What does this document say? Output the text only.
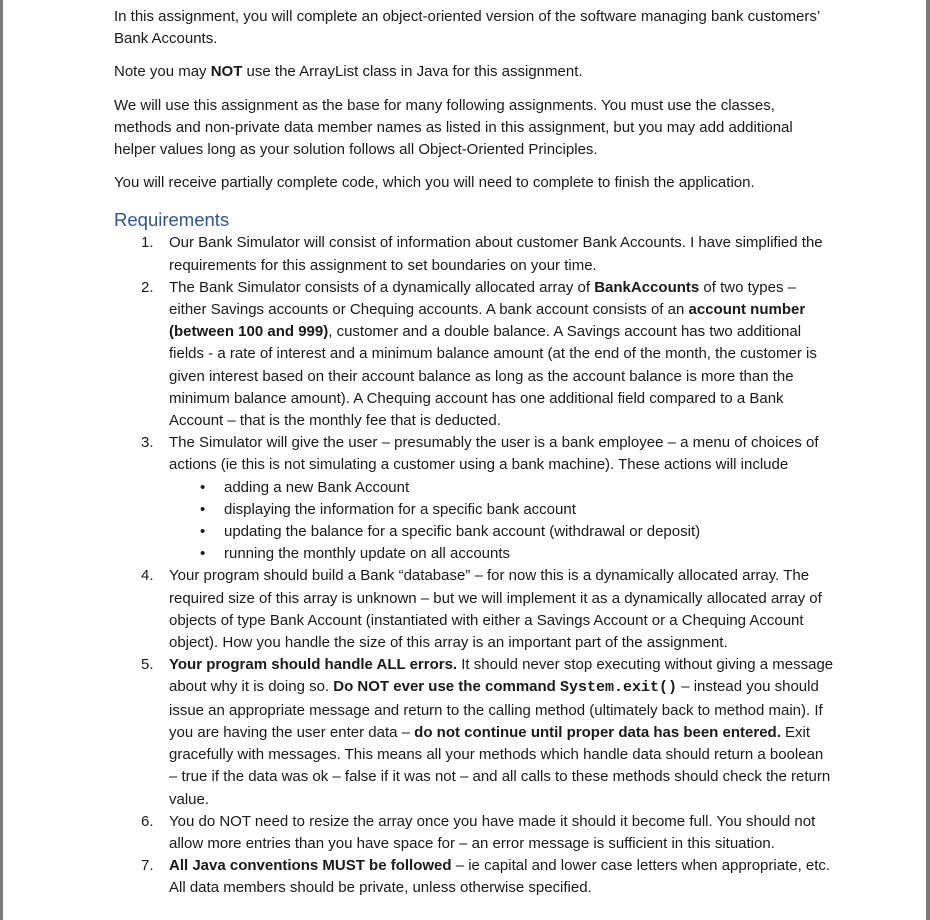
In this assignment, you will complete an object-oriented version of the software managing bank customers’ Bank Accounts.

Note you may NOT use the ArrayList class in Java for this assignment.

We will use this assignment as the base for many following assignments. You must use the classes, methods and non-private data member names as listed in this assignment, but you may add additional helper values long as your solution follows all Object-Oriented Principles.

You will receive partially complete code, which you will need to complete to finish the application.

Requirements
1. Our Bank Simulator will consist of information about customer Bank Accounts. I have simplified the requirements for this assignment to set boundaries on your time.
2. The Bank Simulator consists of a dynamically allocated array of BankAccounts of two types – either Savings accounts or Chequing accounts. A bank account consists of an account number (between 100 and 999), customer and a double balance. A Savings account has two additional fields - a rate of interest and a minimum balance amount (at the end of the month, the customer is given interest based on their account balance as long as the account balance is more than the minimum balance amount). A Chequing account has one additional field compared to a Bank Account – that is the monthly fee that is deducted.
3. The Simulator will give the user – presumably the user is a bank employee – a menu of choices of actions (ie this is not simulating a customer using a bank machine). These actions will include
• adding a new Bank Account
• displaying the information for a specific bank account
• updating the balance for a specific bank account (withdrawal or deposit)
• running the monthly update on all accounts
4. Your program should build a Bank “database” – for now this is a dynamically allocated array. The required size of this array is unknown – but we will implement it as a dynamically allocated array of objects of type Bank Account (instantiated with either a Savings Account or a Chequing Account object). How you handle the size of this array is an important part of the assignment.
5. Your program should handle ALL errors. It should never stop executing without giving a message about why it is doing so. Do NOT ever use the command System.exit() – instead you should issue an appropriate message and return to the calling method (ultimately back to method main). If you are having the user enter data – do not continue until proper data has been entered. Exit gracefully with messages. This means all your methods which handle data should return a boolean – true if the data was ok – false if it was not – and all calls to these methods should check the return value.
6. You do NOT need to resize the array once you have made it should it become full. You should not allow more entries than you have space for – an error message is sufficient in this situation.
7. All Java conventions MUST be followed – ie capital and lower case letters when appropriate, etc. All data members should be private, unless otherwise specified.
